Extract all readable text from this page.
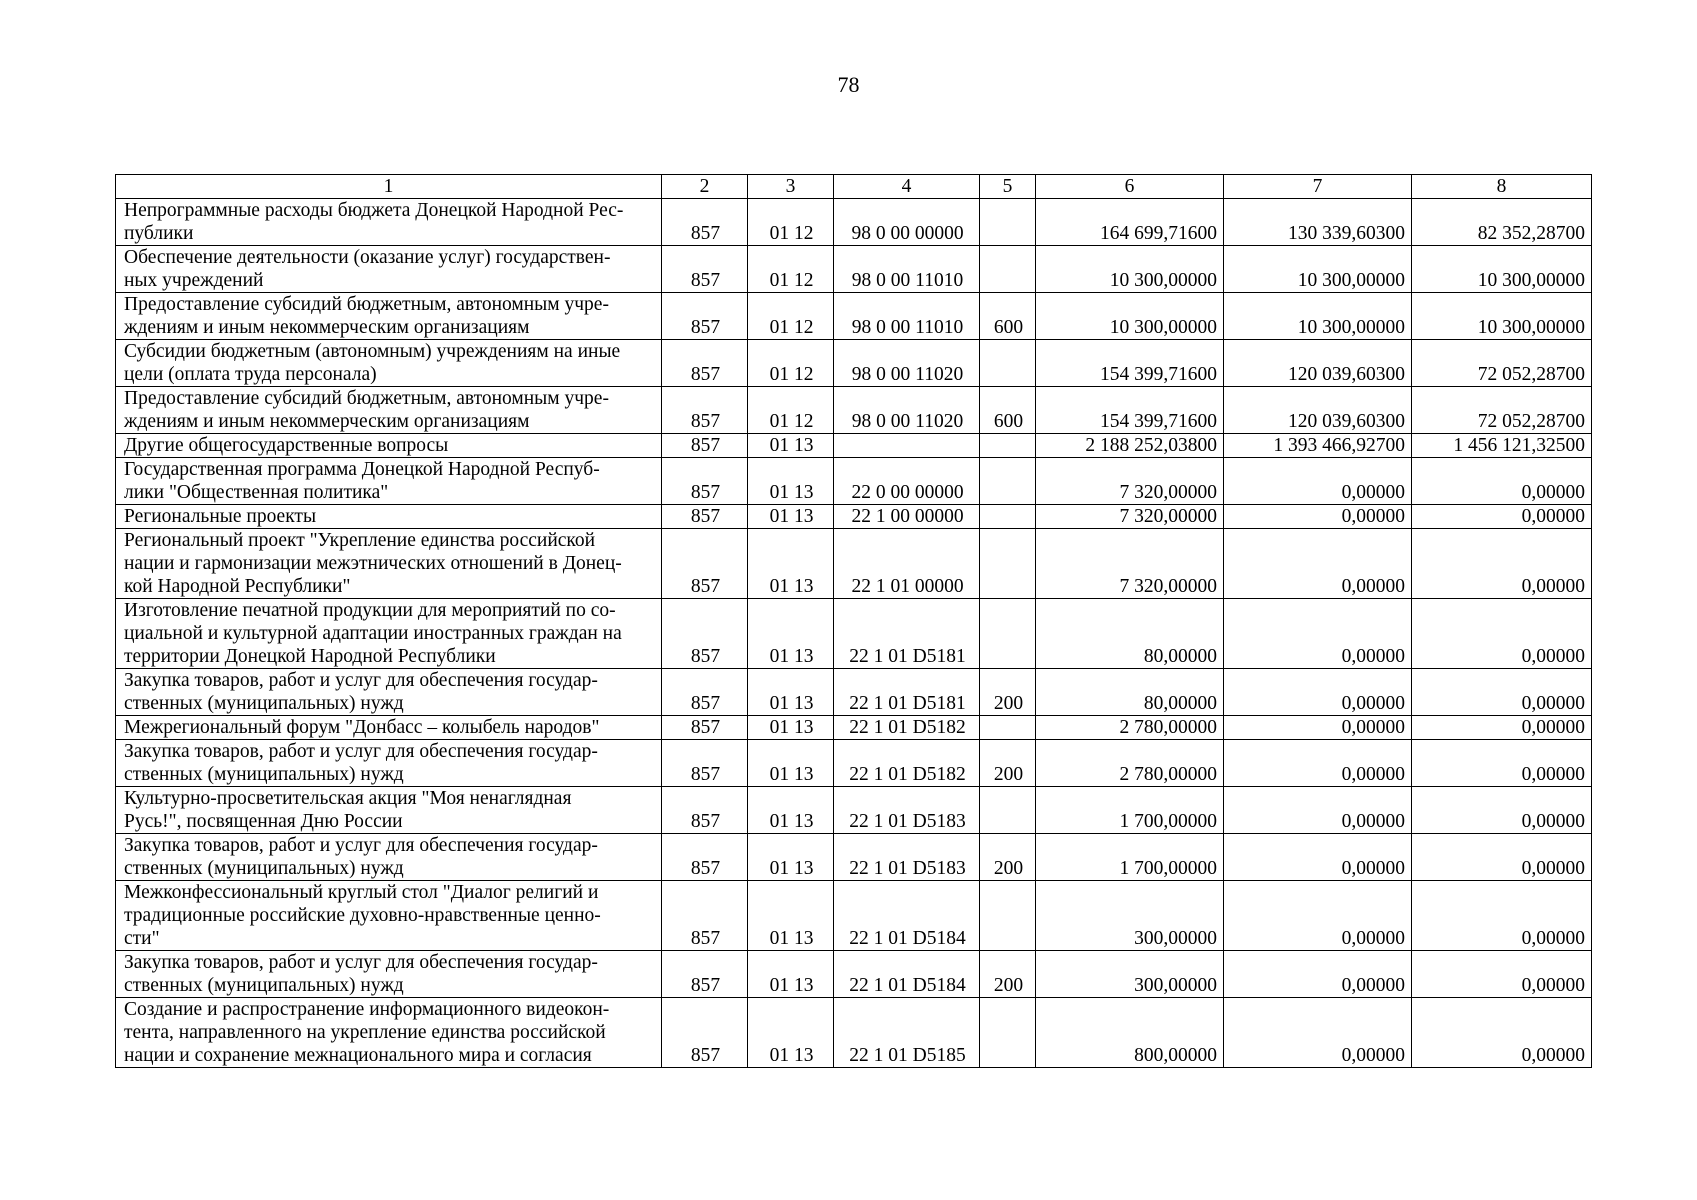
78
1	2	3	4	5	6	7	8
Непрограммные расходы бюджета Донецкой Народной Рес-
публики	857	01 12	98 0 00 00000		164 699,71600	130 339,60300	82 352,28700
Обеспечение деятельности (оказание услуг) государствен-
ных учреждений	857	01 12	98 0 00 11010		10 300,00000	10 300,00000	10 300,00000
Предоставление субсидий бюджетным, автономным учре-
ждениям и иным некоммерческим организациям	857	01 12	98 0 00 11010	600	10 300,00000	10 300,00000	10 300,00000
Субсидии бюджетным (автономным) учреждениям на иные
цели (оплата труда персонала)	857	01 12	98 0 00 11020		154 399,71600	120 039,60300	72 052,28700
Предоставление субсидий бюджетным, автономным учре-
ждениям и иным некоммерческим организациям	857	01 12	98 0 00 11020	600	154 399,71600	120 039,60300	72 052,28700
Другие общегосударственные вопросы	857	01 13			2 188 252,03800	1 393 466,92700	1 456 121,32500
Государственная программа Донецкой Народной Респуб-
лики "Общественная политика"	857	01 13	22 0 00 00000		7 320,00000	0,00000	0,00000
Региональные проекты	857	01 13	22 1 00 00000		7 320,00000	0,00000	0,00000
Региональный проект "Укрепление единства российской
нации и гармонизации межэтнических отношений в Донец-
кой Народной Республики"	857	01 13	22 1 01 00000		7 320,00000	0,00000	0,00000
Изготовление печатной продукции для мероприятий по со-
циальной и культурной адаптации иностранных граждан на
территории Донецкой Народной Республики	857	01 13	22 1 01 D5181		80,00000	0,00000	0,00000
Закупка товаров, работ и услуг для обеспечения государ-
ственных (муниципальных) нужд	857	01 13	22 1 01 D5181	200	80,00000	0,00000	0,00000
Межрегиональный форум "Донбасс – колыбель народов"	857	01 13	22 1 01 D5182		2 780,00000	0,00000	0,00000
Закупка товаров, работ и услуг для обеспечения государ-
ственных (муниципальных) нужд	857	01 13	22 1 01 D5182	200	2 780,00000	0,00000	0,00000
Культурно-просветительская акция "Моя ненаглядная
Русь!", посвященная Дню России	857	01 13	22 1 01 D5183		1 700,00000	0,00000	0,00000
Закупка товаров, работ и услуг для обеспечения государ-
ственных (муниципальных) нужд	857	01 13	22 1 01 D5183	200	1 700,00000	0,00000	0,00000
Межконфессиональный круглый стол "Диалог религий и
традиционные российские духовно-нравственные ценно-
сти"	857	01 13	22 1 01 D5184		300,00000	0,00000	0,00000
Закупка товаров, работ и услуг для обеспечения государ-
ственных (муниципальных) нужд	857	01 13	22 1 01 D5184	200	300,00000	0,00000	0,00000
Создание и распространение информационного видеокон-
тента, направленного на укрепление единства российской
нации и сохранение межнационального мира и согласия	857	01 13	22 1 01 D5185		800,00000	0,00000	0,00000
